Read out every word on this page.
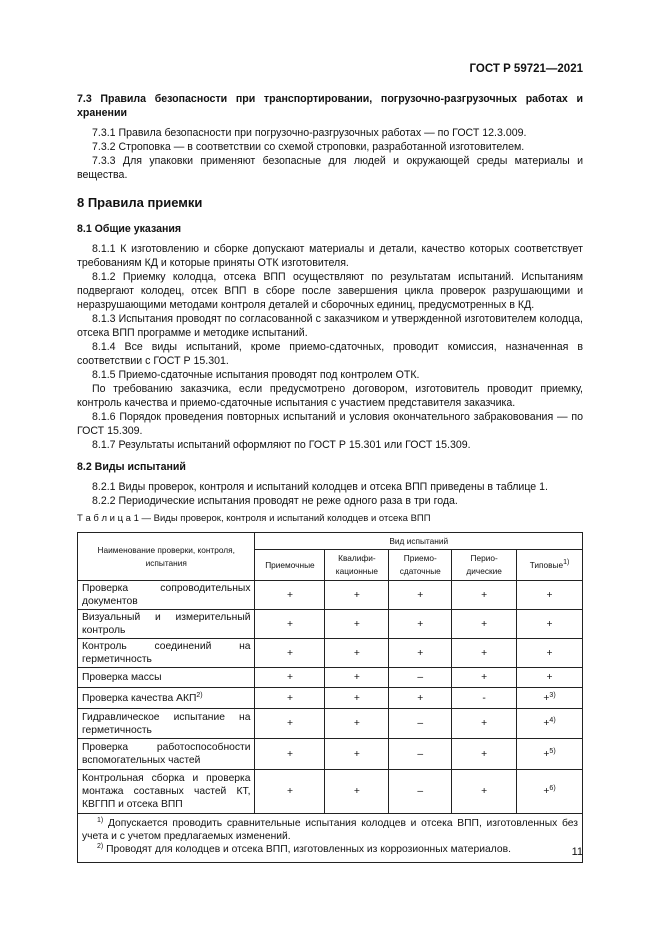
ГОСТ Р 59721—2021

7.3 Правила безопасности при транспортировании, погрузочно-разгрузочных работах и хранении

7.3.1 Правила безопасности при погрузочно-разгрузочных работах — по ГОСТ 12.3.009.

7.3.2 Строповка — в соответствии со схемой строповки, разработанной изготовителем.

7.3.3 Для упаковки применяют безопасные для людей и окружающей среды материалы и вещества.

8 Правила приемки

8.1 Общие указания

8.1.1 К изготовлению и сборке допускают материалы и детали, качество которых соответствует требованиям КД и которые приняты ОТК изготовителя.

8.1.2 Приемку колодца, отсека ВПП осуществляют по результатам испытаний. Испытаниям подвергают колодец, отсек ВПП в сборе после завершения цикла проверок разрушающими и неразрушающими методами контроля деталей и сборочных единиц, предусмотренных в КД.

8.1.3 Испытания проводят по согласованной с заказчиком и утвержденной изготовителем колодца, отсека ВПП программе и методике испытаний.

8.1.4 Все виды испытаний, кроме приемо-сдаточных, проводит комиссия, назначенная в соответствии с ГОСТ Р 15.301.

8.1.5 Приемо-сдаточные испытания проводят под контролем ОТК.

По требованию заказчика, если предусмотрено договором, изготовитель проводит приемку, контроль качества и приемо-сдаточные испытания с участием представителя заказчика.

8.1.6 Порядок проведения повторных испытаний и условия окончательного забраковования — по ГОСТ 15.309.

8.1.7 Результаты испытаний оформляют по ГОСТ Р 15.301 или ГОСТ 15.309.

8.2 Виды испытаний

8.2.1 Виды проверок, контроля и испытаний колодцев и отсека ВПП приведены в таблице 1.

8.2.2 Периодические испытания проводят не реже одного раза в три года.

Т а б л и ц а 1 — Виды проверок, контроля и испытаний колодцев и отсека ВПП
Наименование проверки, контроля, испытания	Вид испытаний				
	Приемочные	Квалифи-кационные	Приемо-сдаточные	Перио-дические	Типовые$^{1)}$
Проверка сопроводительных документов	+	+	+	+	+
Визуальный и измерительный контроль	+	+	+	+	+
Контроль соединений на герметичность	+	+	+	+	+
Проверка массы	+	+	–	+	+
Проверка качества $АКП^{2)}$	+	+	+	-	+$^{3)}$
Гидравлическое испытание на герметичность	+	+	–	+	+$^{4)}$
Проверка работоспособности вспомогательных частей	+	+	–	+	+$^{5)}$
Контрольная сборка и проверка монтажа составных частей КТ, КВГПП и отсека ВПП	+	+	–	+	+$^{6)}$

$^{1)}$ Допускается проводить сравнительные испытания колодцев и отсека ВПП, изготовленных без учета и с учетом предлагаемых изменений.
$^{2)}$ Проводят для колодцев и отсека ВПП, изготовленных из коррозионных материалов.						11
